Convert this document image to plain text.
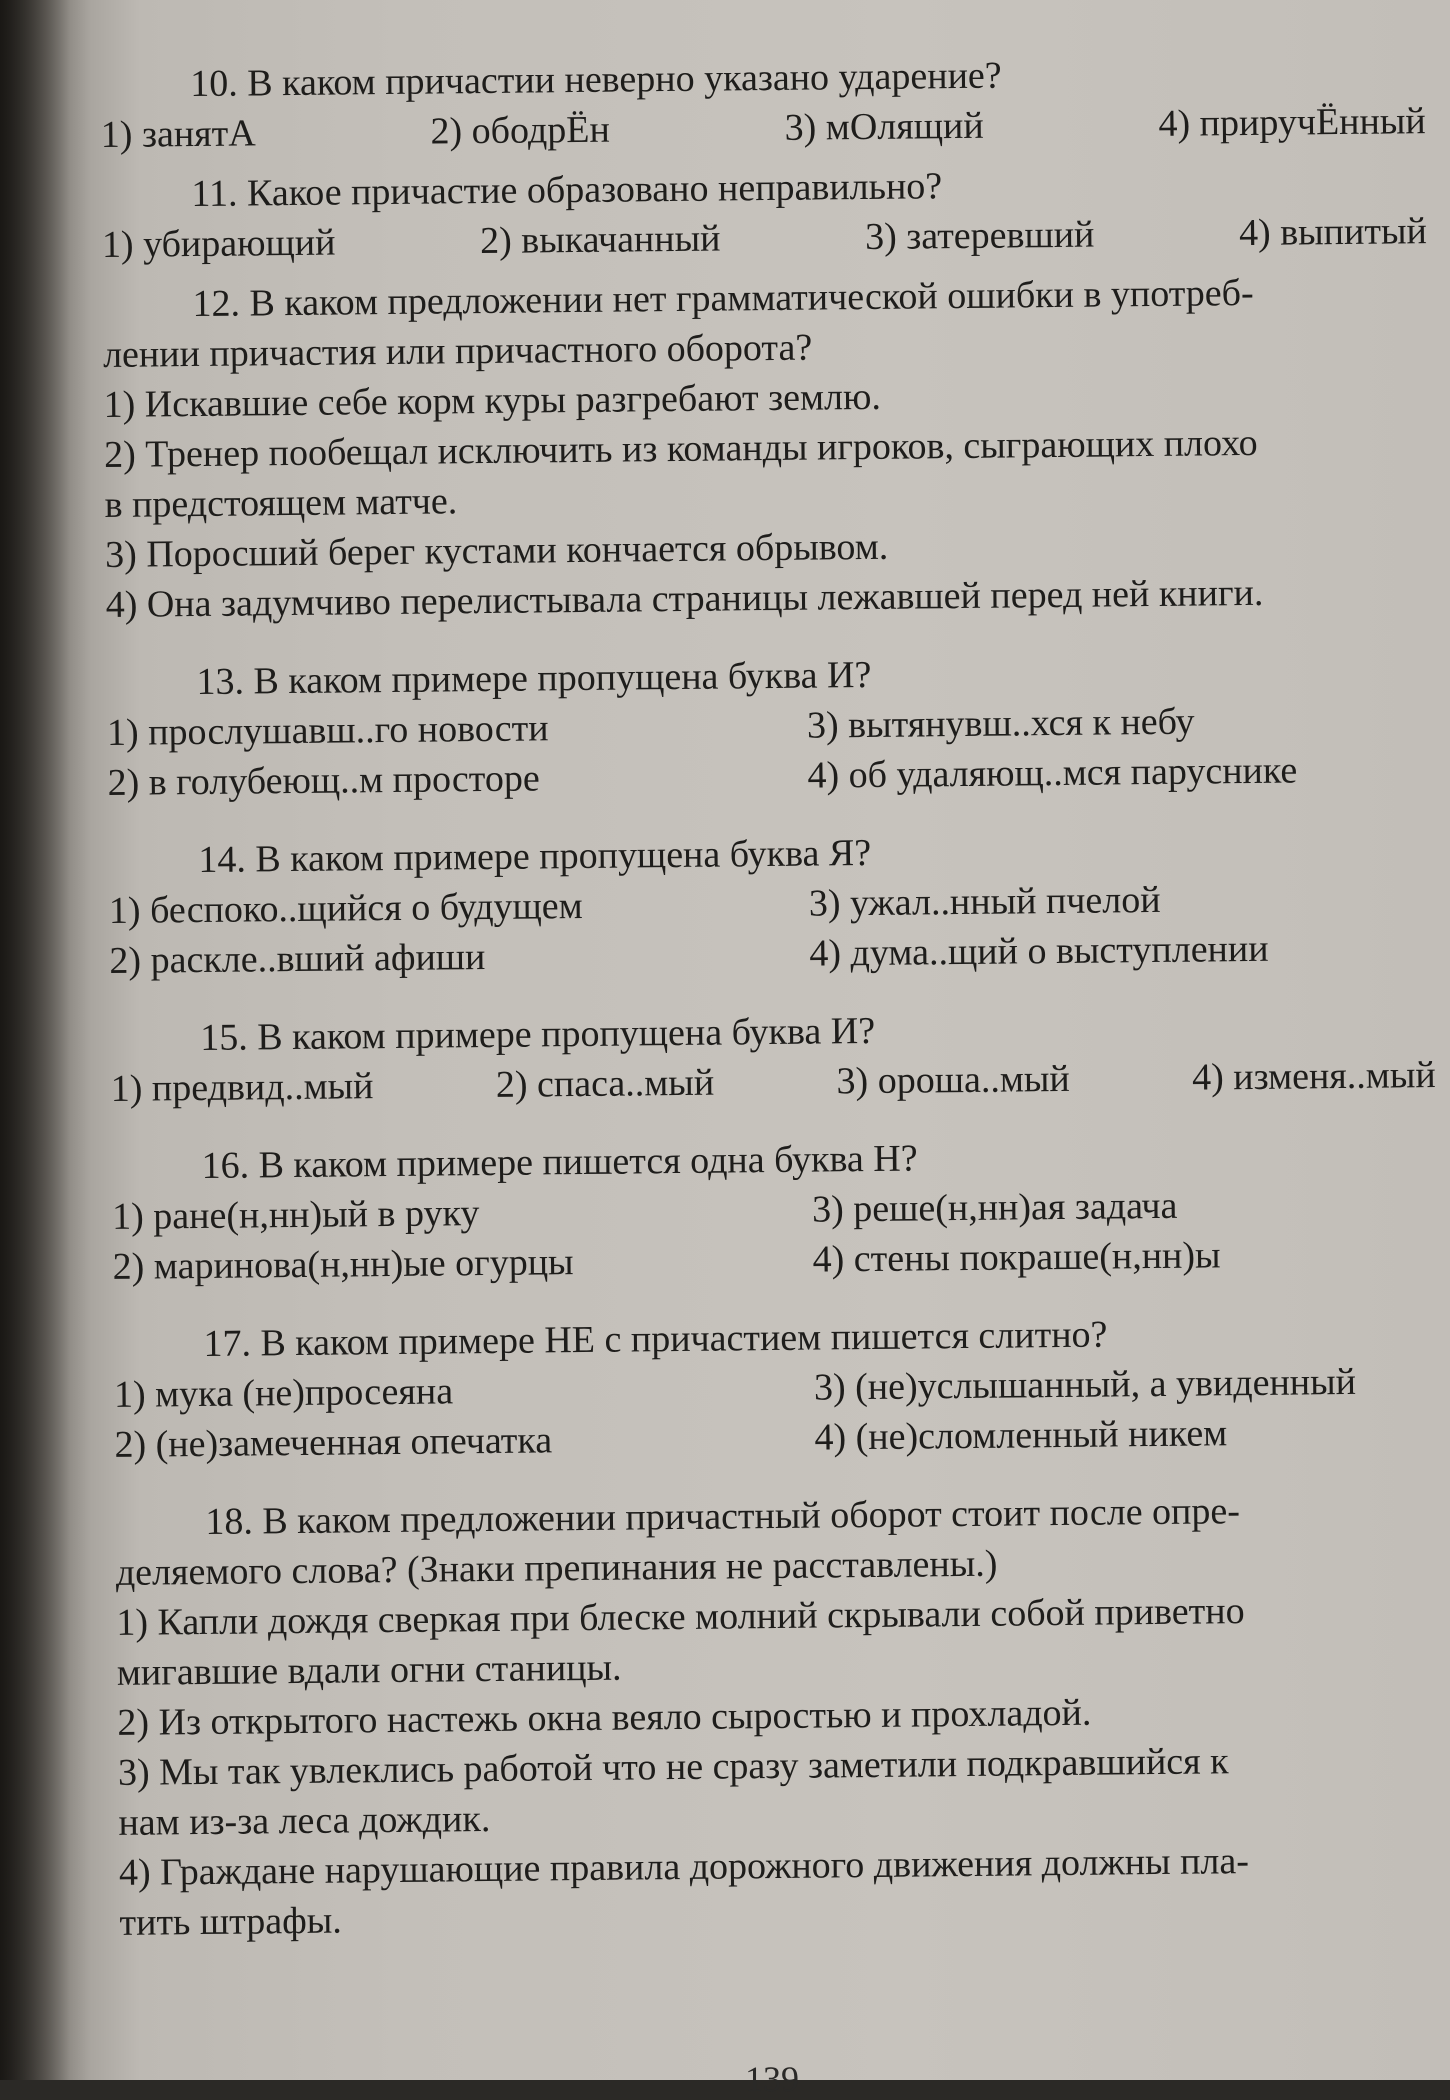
10. В каком причастии неверно указано ударение?
1) занятА	2) ободрЁн	3) мОлящий	4) приручЁнный
11. Какое причастие образовано неправильно?
1) убирающий	2) выкачанный	3) затеревший	4) выпитый
12. В каком предложении нет грамматической ошибки в употреб-
лении причастия или причастного оборота?
1) Искавшие себе корм куры разгребают землю.
2) Тренер пообещал исключить из команды игроков, сыграющих плохо
в предстоящем матче.
3) Поросший берег кустами кончается обрывом.
4) Она задумчиво перелистывала страницы лежавшей перед ней книги.
13. В каком примере пропущена буква И?
1) прослушавш..го новости	3) вытянувш..хся к небу
2) в голубеющ..м просторе	4) об удаляющ..мся паруснике
14. В каком примере пропущена буква Я?
1) беспоко..щийся о будущем	3) ужал..нный пчелой
2) раскле..вший афиши	4) дума..щий о выступлении
15. В каком примере пропущена буква И?
1) предвид..мый	2) спаса..мый	3) ороша..мый	4) изменя..мый
16. В каком примере пишется одна буква Н?
1) ране(н,нн)ый в руку	3) реше(н,нн)ая задача
2) маринова(н,нн)ые огурцы	4) стены покраше(н,нн)ы
17. В каком примере НЕ с причастием пишется слитно?
1) мука (не)просеяна	3) (не)услышанный, а увиденный
2) (не)замеченная опечатка	4) (не)сломленный никем
18. В каком предложении причастный оборот стоит после опре-
деляемого слова? (Знаки препинания не расставлены.)
1) Капли дождя сверкая при блеске молний скрывали собой приветно
мигавшие вдали огни станицы.
2) Из открытого настежь окна веяло сыростью и прохладой.
3) Мы так увлеклись работой что не сразу заметили подкравшийся к
нам из-за леса дождик.
4) Граждане нарушающие правила дорожного движения должны пла-
тить штрафы.
139
